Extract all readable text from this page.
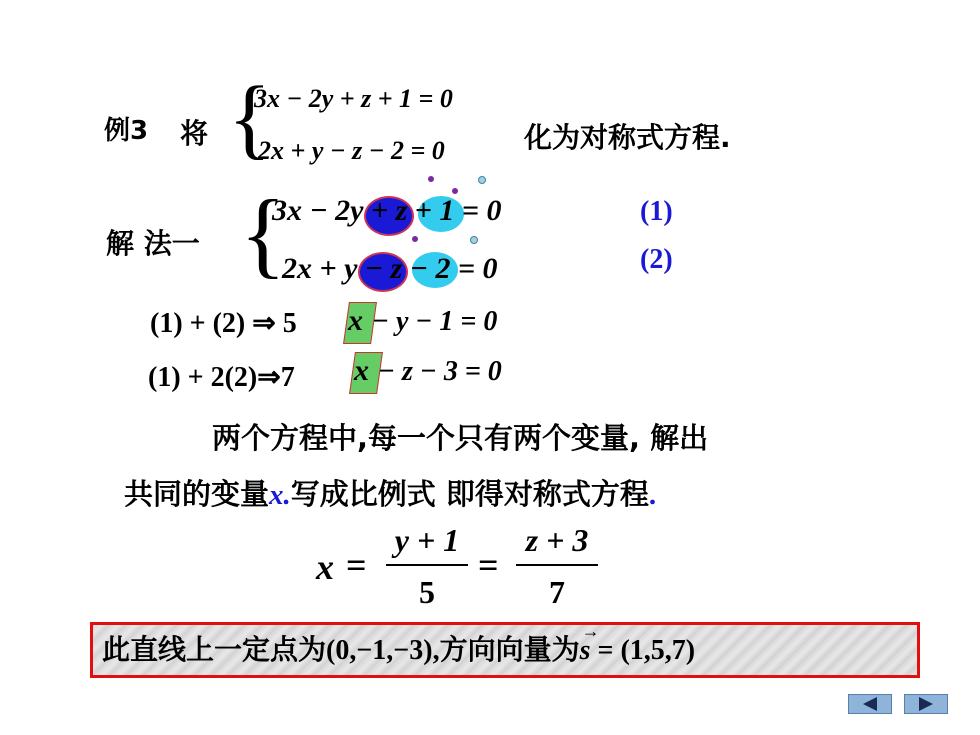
例3 将 {
3x − 2y + z + 1 = 0
2x + y − z − 2 = 0	化为对称式方程.
解 法一 {
3x − 2y + z + 1 = 0
2x + y − z − 2 = 0
(1)
(2)
(1) + (2) ⇒ 5 x − y − 1 = 0
(1) + 2(2)⇒7 x − z − 3 = 0
两个方程中,每一个只有两个变量, 解出
共同的变量x.写成比例式 即得对称式方程.
x =
y + 1
5
=
z + 3
7
此直线上一定点为(0,−1,−3),方向向量为
→
s = (1,5,7)
